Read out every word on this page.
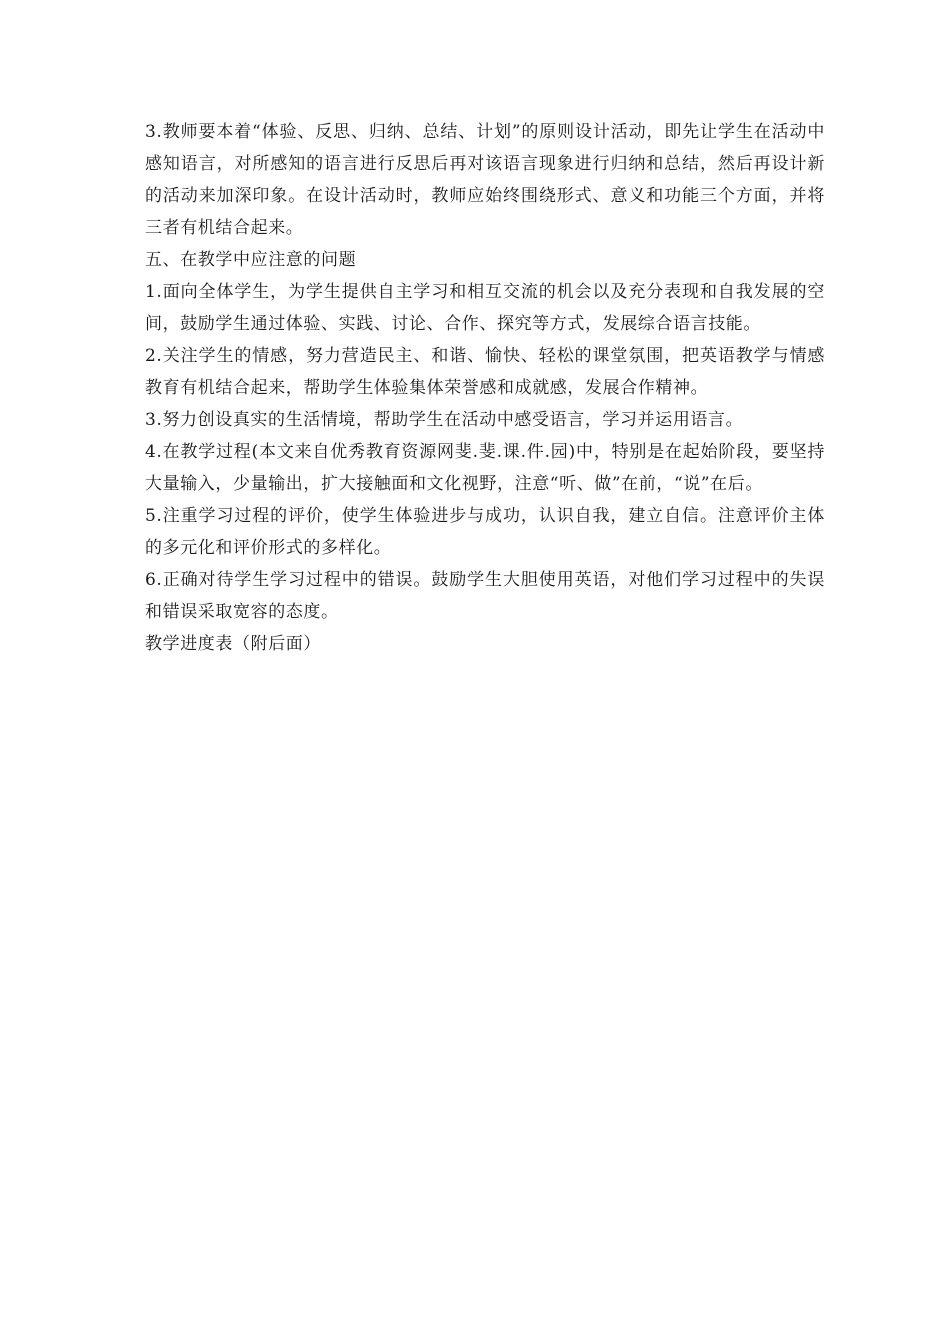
3.教师要本着“体验、反思、归纳、总结、计划”的原则设计活动，即先让学生在活动中感知语言，对所感知的语言进行反思后再对该语言现象进行归纳和总结，然后再设计新的活动来加深印象。在设计活动时，教师应始终围绕形式、意义和功能三个方面，并将三者有机结合起来。

五、在教学中应注意的问题

1.面向全体学生，为学生提供自主学习和相互交流的机会以及充分表现和自我发展的空间，鼓励学生通过体验、实践、讨论、合作、探究等方式，发展综合语言技能。

2.关注学生的情感，努力营造民主、和谐、愉快、轻松的课堂氛围，把英语教学与情感教育有机结合起来，帮助学生体验集体荣誉感和成就感，发展合作精神。

3.努力创设真实的生活情境，帮助学生在活动中感受语言，学习并运用语言。

4.在教学过程(本文来自优秀教育资源网斐.斐.课.件.园)中，特别是在起始阶段，要坚持大量输入，少量输出，扩大接触面和文化视野，注意“听、做”在前，“说”在后。

5.注重学习过程的评价，使学生体验进步与成功，认识自我，建立自信。注意评价主体的多元化和评价形式的多样化。

6.正确对待学生学习过程中的错误。鼓励学生大胆使用英语，对他们学习过程中的失误和错误采取宽容的态度。

教学进度表（附后面）
